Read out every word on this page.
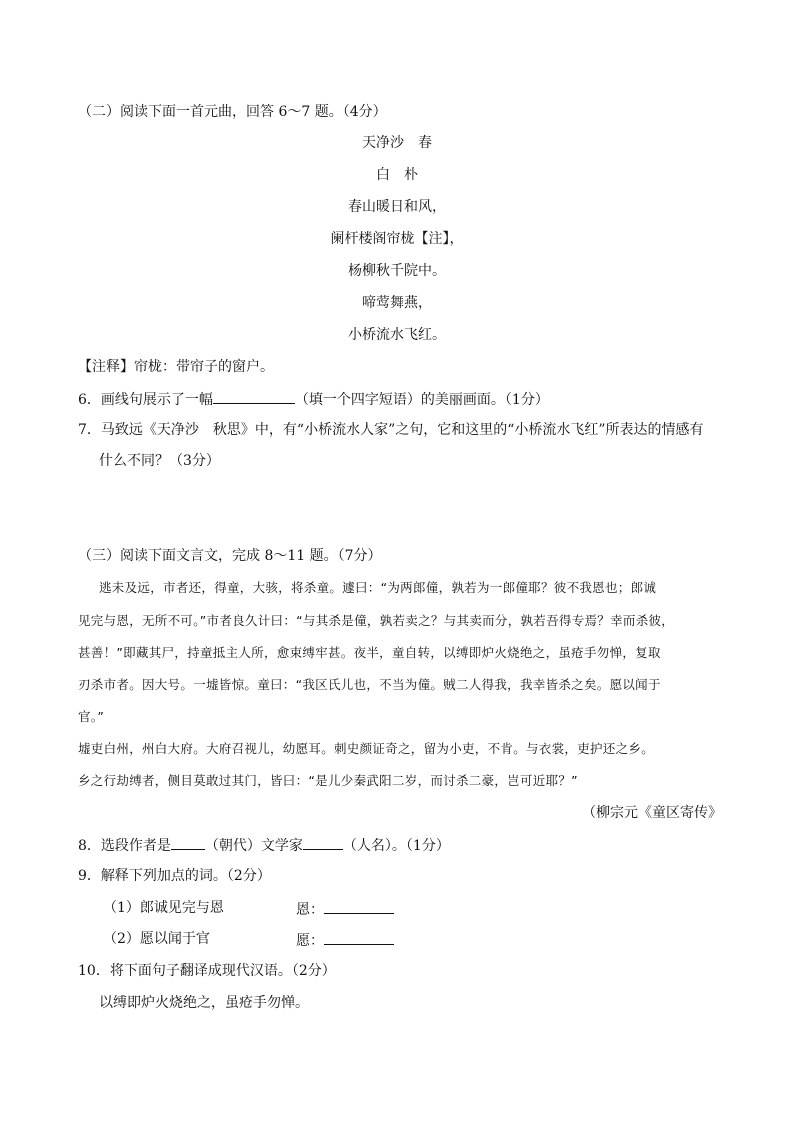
（二）阅读下面一首元曲，回答 6～7 题。（4分）
天净沙　春
白　朴
春山暖日和风，
阑杆楼阁帘栊【注】，
杨柳秋千院中。
啼莺舞燕，
小桥流水飞红。
【注释】帘栊：带帘子的窗户。
6．画线句展示了一幅	（填一个四字短语）的美丽画面。（1分）
7．马致远《天净沙　秋思》中，有“小桥流水人家”之句，它和这里的“小桥流水飞红”所表达的情感有
什么不同？（3分）
（三）阅读下面文言文，完成 8～11 题。（7分）
逃未及远，市者还，得童，大骇，将杀童。遽曰：“为两郎僮，孰若为一郎僮耶？彼不我恩也；郎诚
见完与恩，无所不可。”市者良久计曰：“与其杀是僮，孰若卖之？与其卖而分，孰若吾得专焉？幸而杀彼，
甚善！”即藏其尸，持童抵主人所，愈束缚牢甚。夜半，童自转，以缚即炉火烧绝之，虽疮手勿惮，复取
刃杀市者。因大号。一墟皆惊。童曰：“我区氏儿也，不当为僮。贼二人得我，我幸皆杀之矣。愿以闻于
官。”
墟吏白州，州白大府。大府召视儿，幼愿耳。刺史颜证奇之，留为小吏，不肯。与衣裳，吏护还之乡。
乡之行劫缚者，侧目莫敢过其门，皆曰：“是儿少秦武阳二岁，而讨杀二豪，岂可近耶？”
（柳宗元《童区寄传》
8．选段作者是 （朝代）文学家	（人名）。（1分）
9．解释下列加点的词。（2分）
（1）郎诚见完与恩	恩：
（2）愿以闻于官	愿：
10．将下面句子翻译成现代汉语。（2分）
以缚即炉火烧绝之，虽疮手勿惮。
